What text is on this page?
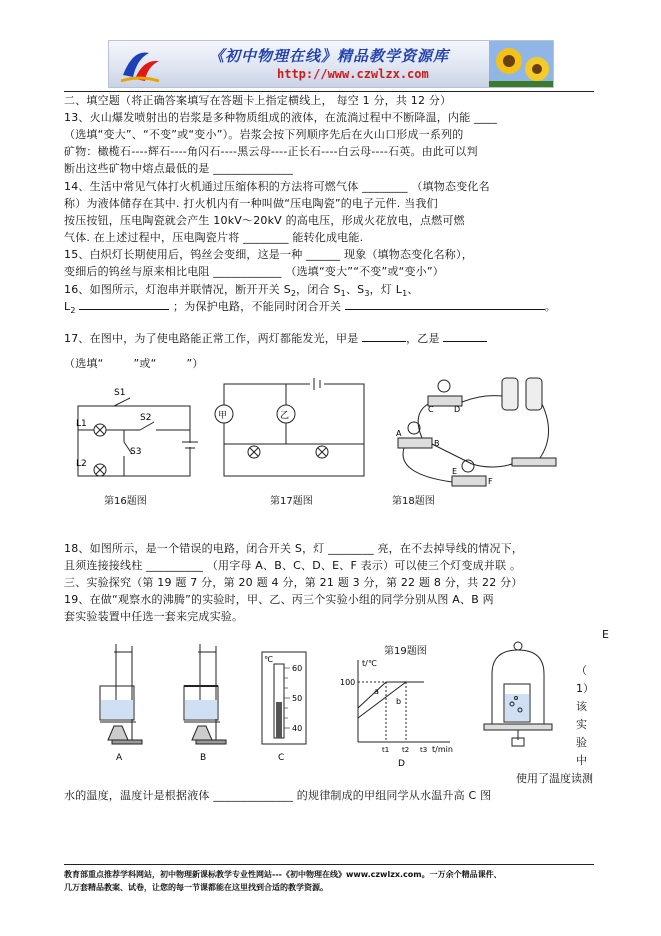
《初中物理在线》精品教学资源库
http://www.czwlzx.com
二、填空题（将正确答案填写在答题卡上指定横线上， 每空 1 分，共 12 分）
13、火山爆发喷射出的岩浆是多种物质组成的液体，在流淌过程中不断降温，内能 ____
（选填“变大”、“不变”或“变小”）。岩浆会按下列顺序先后在火山口形成一系列的
矿物：橄榄石----辉石----角闪石----黑云母----正长石----白云母----石英。由此可以判
断出这些矿物中熔点最低的是 ______________
14、生活中常见气体打火机通过压缩体积的方法将可燃气体 ________ （填物态变化名
称）为液体储存在其中. 打火机内有一种叫做“压电陶瓷”的电子元件. 当我们
按压按钮，压电陶瓷就会产生 10kV～20kV 的高电压，形成火花放电，点燃可燃
气体. 在上述过程中，压电陶瓷片将 ________ 能转化成电能.
15、白炽灯长期使用后，钨丝会变细，这是一种 ______ 现象（填物态变化名称），
变细后的钨丝与原来相比电阻 ____________ （选填“变大”“不变”或“变小”）
16、如图所示，灯泡串并联情况，断开开关 $S_2$，闭合 $S_1$、$S_3$，灯 $L_1$、
$L_2$	；为保护电路，不能同时闭合开关	。
17、在图中，为了使电路能正常工作，两灯都能发光，甲是	，乙是
（选填“	”或“	”）
S1
S2
S3
L1
L2
第16题图
甲	乙
第17题图
C	D
A
B
E
F
第18题图
18、如图所示，是一个错误的电路，闭合开关 S，灯 ________ 亮，在不去掉导线的情况下，
且须连接接线柱 __________ （用字母 A、B、C、D、E、F 表示）可以使三个灯变成并联 。
三、实验探究（第 19 题 7 分，第 20 题 4 分，第 21 题 3 分，第 22 题 8 分，共 22 分）
19、在做“观察水的沸腾”的实验时，甲、乙、丙三个实验小组的同学分别从图 A、B 两
套实验装置中任选一套来完成实验。
E
A	B
℃
60
50
40
C
第19题图
t/℃
100
a
b
t1 t2 t3 t/min
D
（
1）
该
实
验
中
使用了温度读测
水的温度，温度计是根据液体 ______________ 的规律制成的甲组同学从水温升高 C 图
教育部重点推荐学科网站，初中物理新课标教学专业性网站---《初中物理在线》www.czwlzx.com。一万余个精品课件、
几万套精品教案、试卷，让您的每一节课都能在这里找到合适的教学资源。
